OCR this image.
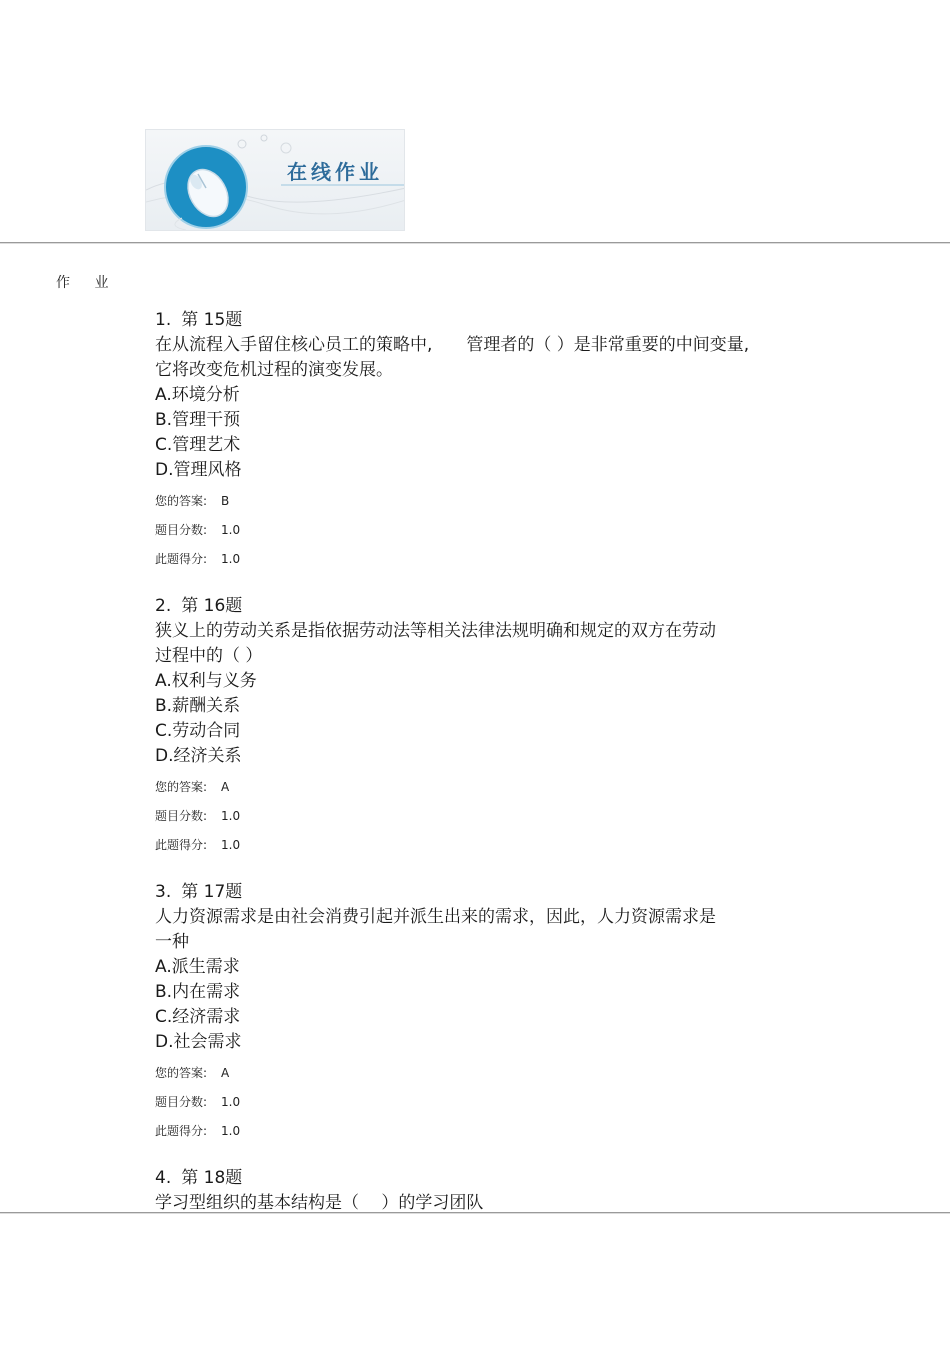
在线作业
作 业
1. 第 15题
在从流程入手留住核心员工的策略中,　　管理者的（ ）是非常重要的中间变量,
它将改变危机过程的演变发展。
A.环境分析
B.管理干预
C.管理艺术
D.管理风格
您的答案: B
题目分数: 1.0
此题得分: 1.0
2. 第 16题
狭义上的劳动关系是指依据劳动法等相关法律法规明确和规定的双方在劳动
过程中的（ ）
A.权利与义务
B.薪酬关系
C.劳动合同
D.经济关系
您的答案: A
题目分数: 1.0
此题得分: 1.0
3. 第 17题
人力资源需求是由社会消费引起并派生出来的需求，因此，人力资源需求是
一种
A.派生需求
B.内在需求
C.经济需求
D.社会需求
您的答案: A
题目分数: 1.0
此题得分: 1.0
4. 第 18题
学习型组织的基本结构是（　 ）的学习团队
